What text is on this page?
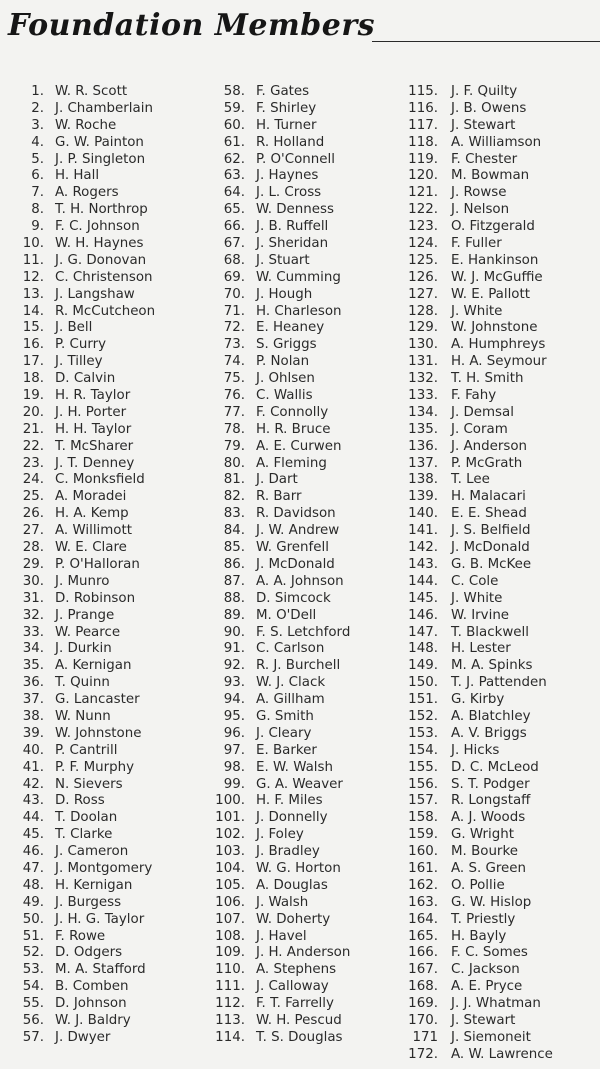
Foundation Members
1. W. R. Scott
2. J. Chamberlain
3. W. Roche
4. G. W. Painton
5. J. P. Singleton
6. H. Hall
7. A. Rogers
8. T. H. Northrop
9. F. C. Johnson
10. W. H. Haynes
11. J. G. Donovan
12. C. Christenson
13. J. Langshaw
14. R. McCutcheon
15. J. Bell
16. P. Curry
17. J. Tilley
18. D. Calvin
19. H. R. Taylor
20. J. H. Porter
21. H. H. Taylor
22. T. McSharer
23. J. T. Denney
24. C. Monksfield
25. A. Moradei
26. H. A. Kemp
27. A. Willimott
28. W. E. Clare
29. P. O'Halloran
30. J. Munro
31. D. Robinson
32. J. Prange
33. W. Pearce
34. J. Durkin
35. A. Kernigan
36. T. Quinn
37. G. Lancaster
38. W. Nunn
39. W. Johnstone
40. P. Cantrill
41. P. F. Murphy
42. N. Sievers
43. D. Ross
44. T. Doolan
45. T. Clarke
46. J. Cameron
47. J. Montgomery
48. H. Kernigan
49. J. Burgess
50. J. H. G. Taylor
51. F. Rowe
52. D. Odgers
53. M. A. Stafford
54. B. Comben
55. D. Johnson
56. W. J. Baldry
57. J. Dwyer
58. F. Gates
59. F. Shirley
60. H. Turner
61. R. Holland
62. P. O'Connell
63. J. Haynes
64. J. L. Cross
65. W. Denness
66. J. B. Ruffell
67. J. Sheridan
68. J. Stuart
69. W. Cumming
70. J. Hough
71. H. Charleson
72. E. Heaney
73. S. Griggs
74. P. Nolan
75. J. Ohlsen
76. C. Wallis
77. F. Connolly
78. H. R. Bruce
79. A. E. Curwen
80. A. Fleming
81. J. Dart
82. R. Barr
83. R. Davidson
84. J. W. Andrew
85. W. Grenfell
86. J. McDonald
87. A. A. Johnson
88. D. Simcock
89. M. O'Dell
90. F. S. Letchford
91. C. Carlson
92. R. J. Burchell
93. W. J. Clack
94. A. Gillham
95. G. Smith
96. J. Cleary
97. E. Barker
98. E. W. Walsh
99. G. A. Weaver
100. H. F. Miles
101. J. Donnelly
102. J. Foley
103. J. Bradley
104. W. G. Horton
105. A. Douglas
106. J. Walsh
107. W. Doherty
108. J. Havel
109. J. H. Anderson
110. A. Stephens
111. J. Calloway
112. F. T. Farrelly
113. W. H. Pescud
114. T. S. Douglas
115. J. F. Quilty
116. J. B. Owens
117. J. Stewart
118. A. Williamson
119. F. Chester
120. M. Bowman
121. J. Rowse
122. J. Nelson
123. O. Fitzgerald
124. F. Fuller
125. E. Hankinson
126. W. J. McGuffie
127. W. E. Pallott
128. J. White
129. W. Johnstone
130. A. Humphreys
131. H. A. Seymour
132. T. H. Smith
133. F. Fahy
134. J. Demsal
135. J. Coram
136. J. Anderson
137. P. McGrath
138. T. Lee
139. H. Malacari
140. E. E. Shead
141. J. S. Belfield
142. J. McDonald
143. G. B. McKee
144. C. Cole
145. J. White
146. W. Irvine
147. T. Blackwell
148. H. Lester
149. M. A. Spinks
150. T. J. Pattenden
151. G. Kirby
152. A. Blatchley
153. A. V. Briggs
154. J. Hicks
155. D. C. McLeod
156. S. T. Podger
157. R. Longstaff
158. A. J. Woods
159. G. Wright
160. M. Bourke
161. A. S. Green
162. O. Pollie
163. G. W. Hislop
164. T. Priestly
165. H. Bayly
166. F. C. Somes
167. C. Jackson
168. A. E. Pryce
169. J. J. Whatman
170. J. Stewart
171 J. Siemoneit
172. A. W. Lawrence
